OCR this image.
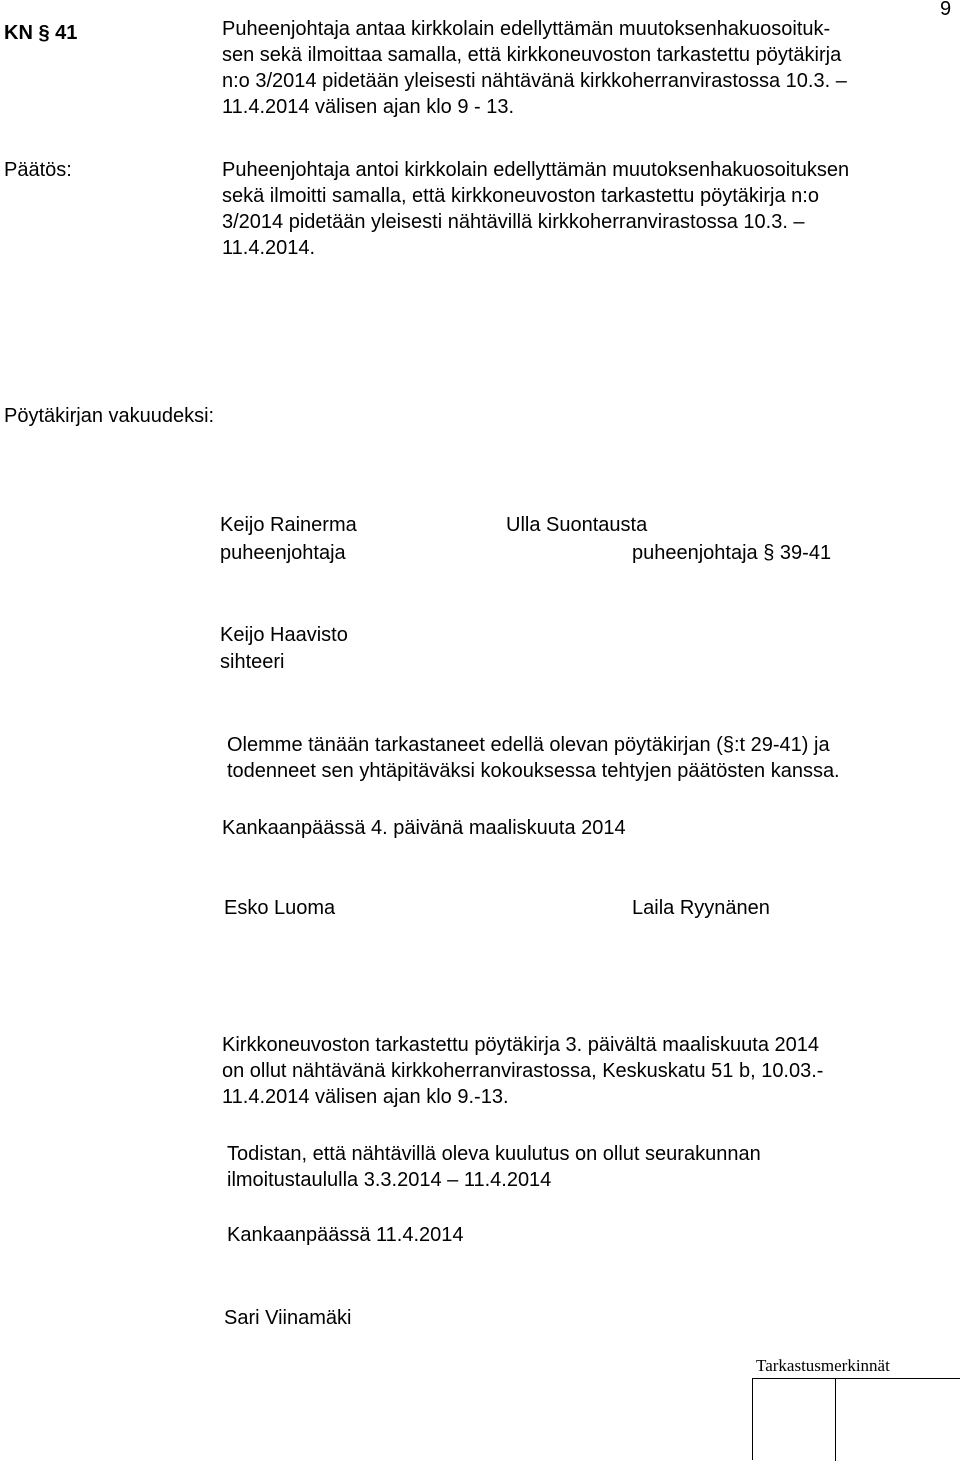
9
KN § 41	Puheenjohtaja antaa kirkkolain edellyttämän muutoksenhakuosoituk-
sen sekä ilmoittaa samalla, että kirkkoneuvoston tarkastettu pöytäkirja
n:o 3/2014 pidetään yleisesti nähtävänä kirkkoherranvirastossa 10.3. –
11.4.2014 välisen ajan klo 9 - 13.
Päätös:	Puheenjohtaja antoi kirkkolain edellyttämän muutoksenhakuosoituksen
sekä ilmoitti samalla, että kirkkoneuvoston tarkastettu pöytäkirja n:o
3/2014 pidetään yleisesti nähtävillä kirkkoherranvirastossa 10.3. –
11.4.2014.
Pöytäkirjan vakuudeksi:
Keijo Rainerma
puheenjohtaja
Ulla Suontausta
puheenjohtaja § 39-41
Keijo Haavisto
sihteeri
Olemme tänään tarkastaneet edellä olevan pöytäkirjan (§:t 29-41) ja
todenneet sen yhtäpitäväksi kokouksessa tehtyjen päätösten kanssa.
Kankaanpäässä 4. päivänä maaliskuuta 2014
Esko Luoma	Laila Ryynänen
Kirkkoneuvoston tarkastettu pöytäkirja 3. päivältä maaliskuuta 2014
on ollut nähtävänä kirkkoherranvirastossa, Keskuskatu 51 b, 10.03.-
11.4.2014 välisen ajan klo 9.-13.
Todistan, että nähtävillä oleva kuulutus on ollut seurakunnan
ilmoitustaululla 3.3.2014 – 11.4.2014
Kankaanpäässä 11.4.2014
Sari Viinamäki
Tarkastusmerkinnät
